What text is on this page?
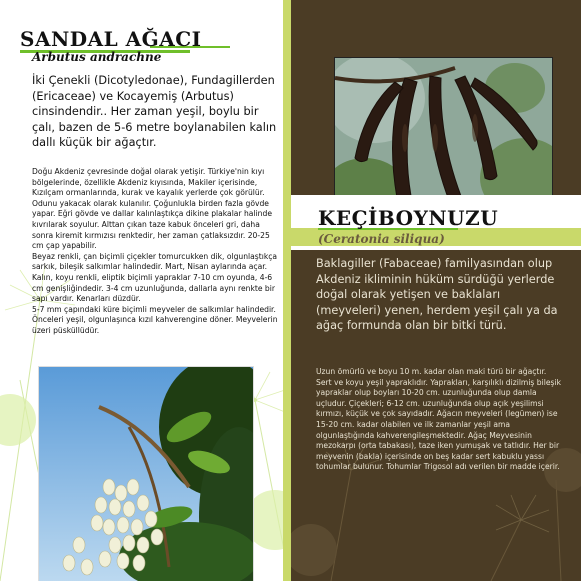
SANDAL AĞACI
Arbutus andrachne
İki Çenekli (Dicotyledonae), Fundagillerden (Ericaceae) ve Kocayemiş (Arbutus) cinsindendir.. Her zaman yeşil, boylu bir çalı, bazen de 5-6 metre boylanabilen kalın dallı küçük bir ağaçtır.

Doğu Akdeniz çevresinde doğal olarak yetişir. Türkiye'nin kıyı bölgelerinde, özellikle Akdeniz kıyısında, Makiler içerisinde, Kızılçam ormanlarında, kurak ve kayalık yerlerde çok görülür. Odunu yakacak olarak kulanılır. Çoğunlukla birden fazla gövde yapar. Eğri gövde ve dallar kalınlaştıkça dikine plakalar halinde kıvrılarak soyulur. Alttan çıkan taze kabuk önceleri gri, daha sonra kiremit kırmızısı renktedir, her zaman çatlaksızdır. 20-25 cm çap yapabilir.

Beyaz renkli, çan biçimli çiçekler tomurcukken dik, olgunlaştıkça sarkık, bileşik salkımlar halindedir. Mart, Nisan aylarında açar.

Kalın, koyu renkli, eliptik biçimli yapraklar 7-10 cm oyunda, 4-6 cm genişliğindedir. 3-4 cm uzunluğunda, dallarla aynı renkte bir sapı vardır. Kenarları düzdür.

5-7 mm çapındaki küre biçimli meyveler de salkımlar halindedir. Önceleri yeşil, olgunlaşınca kızıl kahverengine döner. Meyvelerin üzeri püsküllüdür.

KEÇİBOYNUZU
(Ceratonia siliqua)
Baklagiller (Fabaceae) familyasından olup Akdeniz ikliminin hüküm sürdüğü yerlerde doğal olarak yetişen ve baklaları (meyveleri) yenen, herdem yeşil çalı ya da ağaç formunda olan bir bitki türü.

Uzun ömürlü ve boyu 10 m. kadar olan maki türü bir ağaçtır. Sert ve koyu yeşil yapraklıdır. Yaprakları, karşılıklı dizilmiş bileşik yapraklar olup boyları 10-20 cm. uzunluğunda olup damla uçludur. Çiçekleri; 6-12 cm. uzunluğunda olup açık yeşilimsi kırmızı, küçük ve çok sayıdadır. Ağacın meyveleri (legümen) ise 15-20 cm. kadar olabilen ve ilk zamanlar yeşil ama olgunlaştığında kahverengileşmektedir. Ağaç Meyvesinin mezokarpı (orta tabakası), taze iken yumuşak ve tatlıdır. Her bir meyvenin (bakla) içerisinde on beş kadar sert kabuklu yassı tohumlar bulunur. Tohumlar Trigosol adı verilen bir madde içerir.
